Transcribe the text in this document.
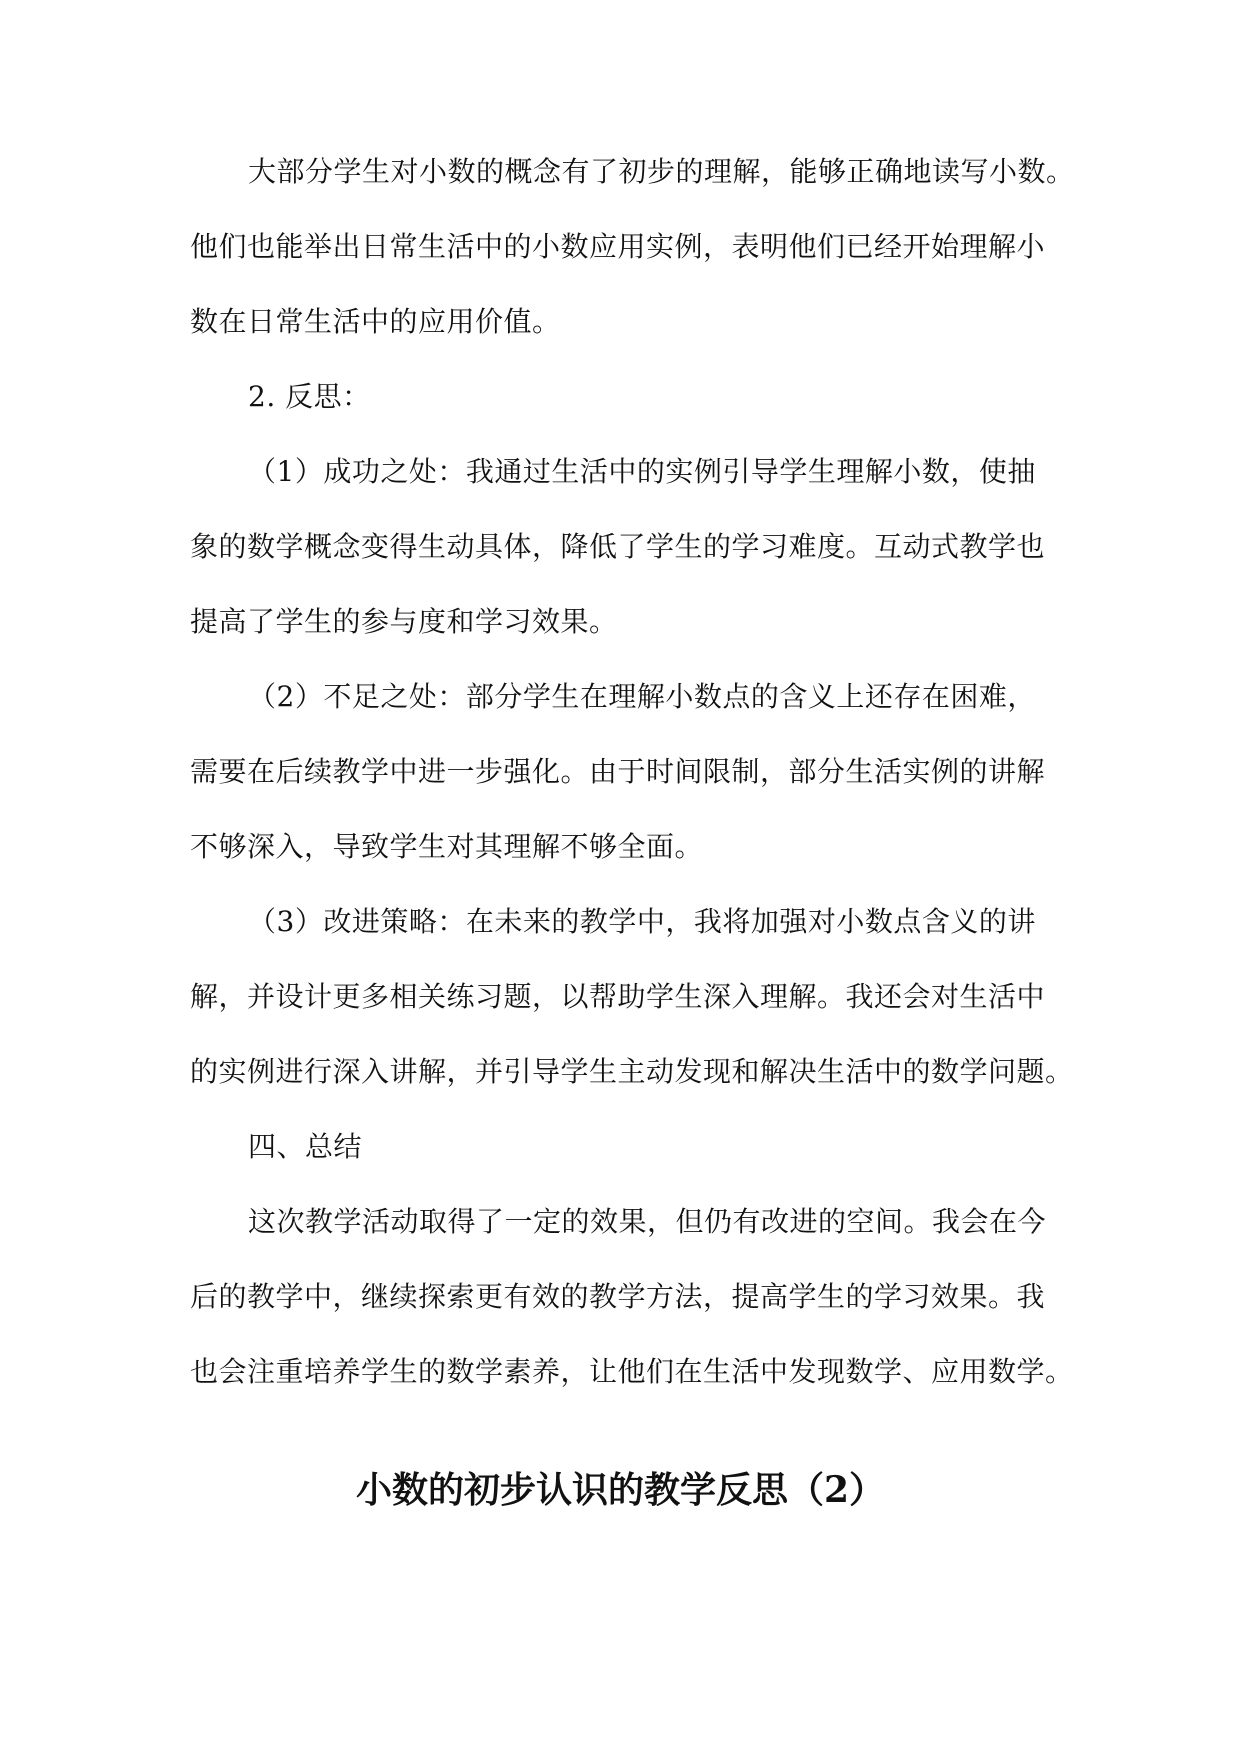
大部分学生对小数的概念有了初步的理解，能够正确地读写小数。
他们也能举出日常生活中的小数应用实例，表明他们已经开始理解小
数在日常生活中的应用价值。
2. 反思：
（1）成功之处：我通过生活中的实例引导学生理解小数，使抽
象的数学概念变得生动具体，降低了学生的学习难度。互动式教学也
提高了学生的参与度和学习效果。
（2）不足之处：部分学生在理解小数点的含义上还存在困难，
需要在后续教学中进一步强化。由于时间限制，部分生活实例的讲解
不够深入，导致学生对其理解不够全面。
（3）改进策略：在未来的教学中，我将加强对小数点含义的讲
解，并设计更多相关练习题，以帮助学生深入理解。我还会对生活中
的实例进行深入讲解，并引导学生主动发现和解决生活中的数学问题。
四、总结
这次教学活动取得了一定的效果，但仍有改进的空间。我会在今
后的教学中，继续探索更有效的教学方法，提高学生的学习效果。我
也会注重培养学生的数学素养，让他们在生活中发现数学、应用数学。
小数的初步认识的教学反思（2）
